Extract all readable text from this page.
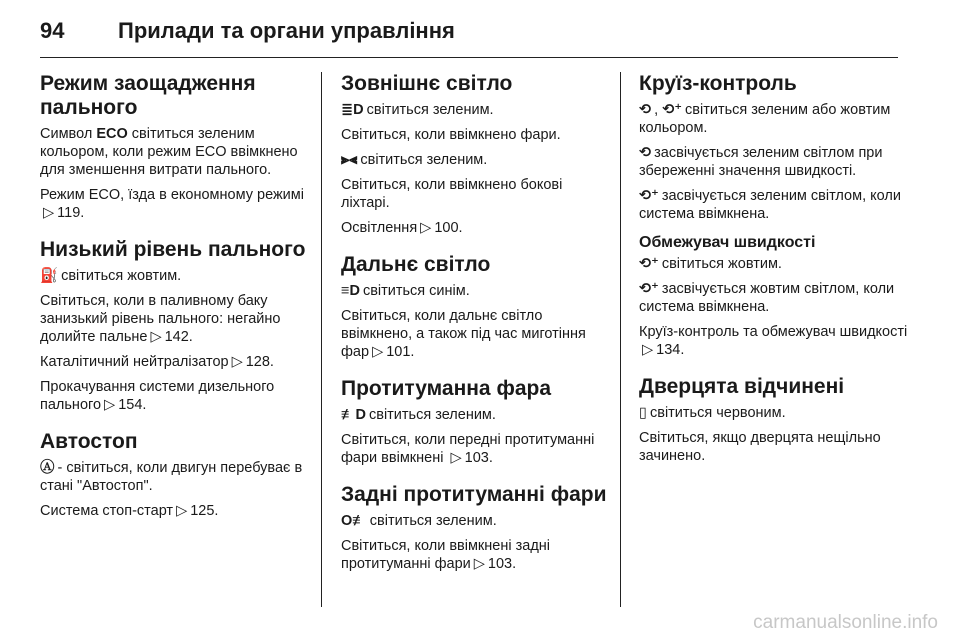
94 Прилади та органи управління
Режим заощадження пального

Символ ECO світиться зеленим кольором, коли режим ECO ввімкнено для зменшення витрати пального.

Режим ECO, їзда в економному режимі▷ 119.

Низький рівень пального

⛽ світиться жовтим.

Світиться, коли в паливному баку занизький рівень пального: негайно долийте пальне ▷ 142.

Каталітичний нейтралізатор ▷ 128.

Прокачування системи дизельного пального ▷ 154.

Автостоп

Ⓐ - світиться, коли двигун перебуває в стані "Автостоп".

Система стоп-старт ▷ 125.

Зовнішнє світло

≣D світиться зеленим.

Світиться, коли ввімкнено фари.

⫸⫷ світиться зеленим.

Світиться, коли ввімкнено бокові ліхтарі.

Освітлення ▷ 100.

Дальнє світло

≡D світиться синім.

Світиться, коли дальнє світло ввімкнено, а також під час миготіння фар ▷ 101.

Протитуманна фара

≢D світиться зеленим.

Світиться, коли передні протитуманні фари ввімкнені ▷ 103.

Задні протитуманні фари

O≢ світиться зеленим.

Світиться, коли ввімкнені задні протитуманні фари ▷ 103.

Круїз-контроль

⟲ , ⟲⁺ світиться зеленим або жовтим кольором.

⟲ засвічується зеленим світлом при збереженні значення швидкості.

⟲⁺ засвічується зеленим світлом, коли система ввімкнена.

Обмежувач швидкості

⟲⁺ світиться жовтим.

⟲⁺ засвічується жовтим світлом, коли система ввімкнена.

Круїз-контроль та обмежувач швидкості▷ 134.

Дверцята відчинені

▯ світиться червоним.

Світиться, якщо дверцята нещільно зачинено.

carmanualsonline.info
